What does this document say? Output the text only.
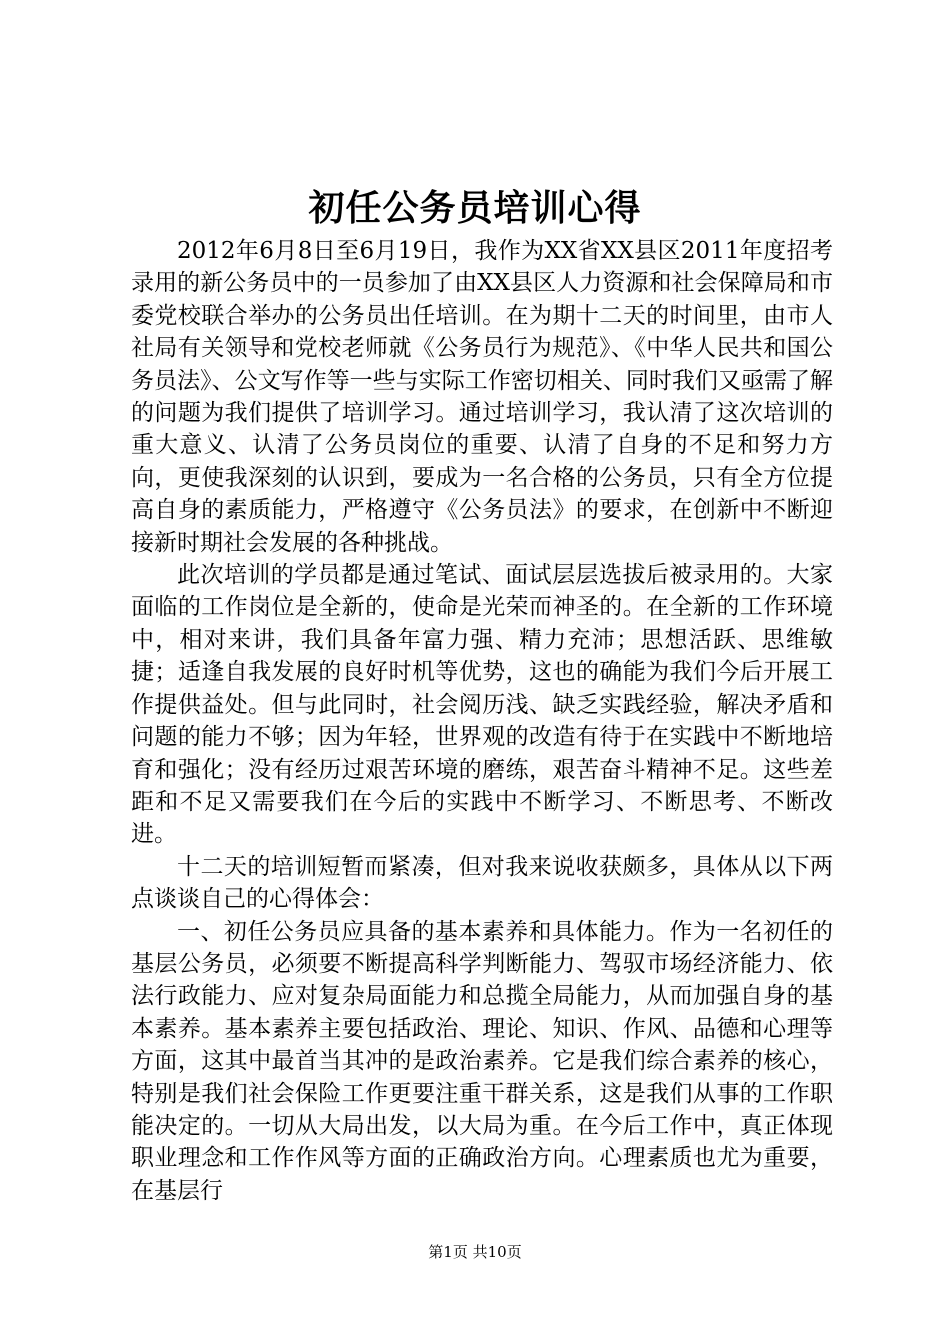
初任公务员培训心得

2012年6月8日至6月19日，我作为XX省XX县区2011年度招考录用的新公务员中的一员参加了由XX县区人力资源和社会保障局和市委党校联合举办的公务员出任培训。在为期十二天的时间里，由市人社局有关领导和党校老师就《公务员行为规范》、《中华人民共和国公务员法》、公文写作等一些与实际工作密切相关、同时我们又亟需了解的问题为我们提供了培训学习。通过培训学习，我认清了这次培训的重大意义、认清了公务员岗位的重要、认清了自身的不足和努力方向，更使我深刻的认识到，要成为一名合格的公务员，只有全方位提高自身的素质能力，严格遵守《公务员法》的要求，在创新中不断迎接新时期社会发展的各种挑战。

此次培训的学员都是通过笔试、面试层层选拔后被录用的。大家面临的工作岗位是全新的，使命是光荣而神圣的。在全新的工作环境中，相对来讲，我们具备年富力强、精力充沛；思想活跃、思维敏捷；适逢自我发展的良好时机等优势，这也的确能为我们今后开展工作提供益处。但与此同时，社会阅历浅、缺乏实践经验，解决矛盾和问题的能力不够；因为年轻，世界观的改造有待于在实践中不断地培育和强化；没有经历过艰苦环境的磨练，艰苦奋斗精神不足。这些差距和不足又需要我们在今后的实践中不断学习、不断思考、不断改进。

十二天的培训短暂而紧凑，但对我来说收获颇多，具体从以下两点谈谈自己的心得体会：

一、初任公务员应具备的基本素养和具体能力。作为一名初任的基层公务员，必须要不断提高科学判断能力、驾驭市场经济能力、依法行政能力、应对复杂局面能力和总揽全局能力，从而加强自身的基本素养。基本素养主要包括政治、理论、知识、作风、品德和心理等方面，这其中最首当其冲的是政治素养。它是我们综合素养的核心，特别是我们社会保险工作更要注重干群关系，这是我们从事的工作职能决定的。一切从大局出发，以大局为重。在今后工作中，真正体现职业理念和工作作风等方面的正确政治方向。心理素质也尤为重要，在基层行

第1页 共10页
